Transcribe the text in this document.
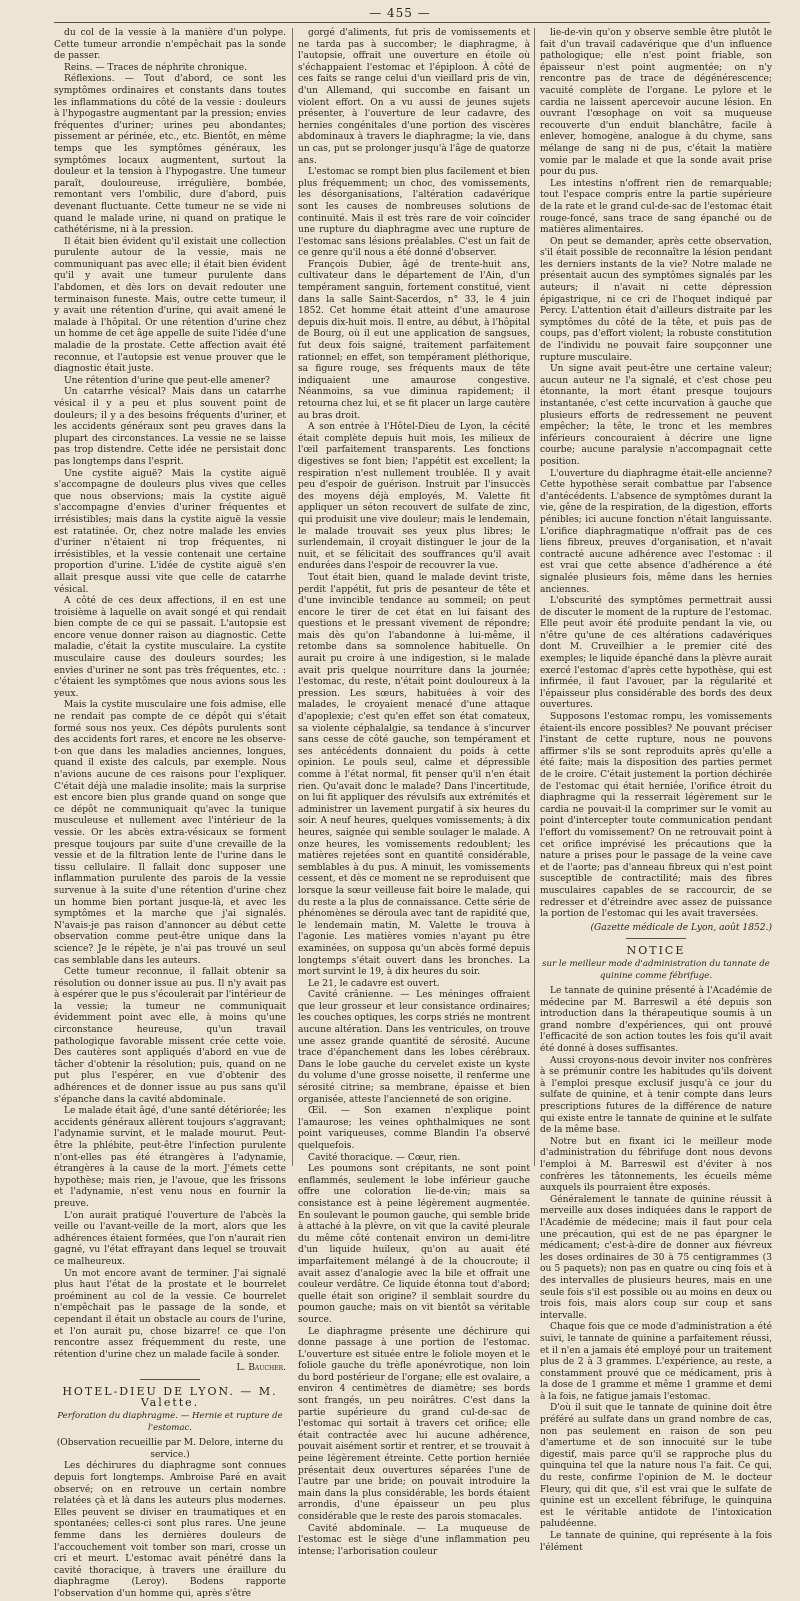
— 455 —

du col de la vessie à la manière d'un polype. Cette tumeur arrondie n'empêchait pas la sonde de passer.

Reins. — Traces de néphrite chronique.

Réflexions. — Tout d'abord, ce sont les symptômes ordinaires et constants dans toutes les inflammations du côté de la vessie : douleurs à l'hypogastre augmentant par la pression; envies fréquentes d'uriner; urines peu abondantes; pissement ar périnée, etc., etc. Bientôt, en même temps que les symptômes généraux, les symptômes locaux augmentent, surtout la douleur et la tension à l'hypogastre. Une tumeur paraît, douloureuse, irrégulière, bombée, remontant vers l'ombilic, dure d'abord, puis devenant fluctuante. Cette tumeur ne se vide ni quand le malade urine, ni quand on pratique le cathétérisme, ni à la pression.

Il était bien évident qu'il existait une collection purulente autour de la vessie, mais ne communiquant pas avec elle; il était bien évident qu'il y avait une tumeur purulente dans l'abdomen, et dès lors on devait redouter une terminaison funeste. Mais, outre cette tumeur, il y avait une rétention d'urine, qui avait amené le malade à l'hôpital. Or une rétention d'urine chez un homme de cet âge appelle de suite l'idée d'une maladie de la prostate. Cette affection avait été reconnue, et l'autopsie est venue prouver que le diagnostic était juste.

Une rétention d'urine que peut-elle amener?

Un catarrhe vésical? Mais dans un catarrhe vésical il y a peu et plus souvent point de douleurs; il y a des besoins fréquents d'uriner, et les accidents généraux sont peu graves dans la plupart des circonstances. La vessie ne se laisse pas trop distendre. Cette idée ne persistait donc pas longtemps dans l'esprit.

Une cystite aiguë? Mais la cystite aiguë s'accompagne de douleurs plus vives que celles que nous observions; mais la cystite aiguë s'accompagne d'envies d'uriner fréquentes et irrésistibles; mais dans la cystite aiguë la vessie est ratatinée. Or, chez notre malade les envies d'uriner n'étaient ni trop fréquentes, ni irrésistibles, et la vessie contenait une certaine proportion d'urine. L'idée de cystite aiguë s'en allait presque aussi vite que celle de catarrhe vésical.

A côté de ces deux affections, il en est une troisième à laquelle on avait songé et qui rendait bien compte de ce qui se passait. L'autopsie est encore venue donner raison au diagnostic. Cette maladie, c'était la cystite musculaire. La cystite musculaire cause des douleurs sourdes; les envies d'uriner ne sont pas très fréquentes, etc. : c'étaient les symptômes que nous avions sous les yeux.

Mais la cystite musculaire une fois admise, elle ne rendait pas compte de ce dépôt qui s'était formé sous nos yeux. Ces dépôts purulents sont des accidents fort rares, et encore ne les observe-t-on que dans les maladies anciennes, longues, quand il existe des calculs, par exemple. Nous n'avions aucune de ces raisons pour l'expliquer. C'était déjà une maladie insolite; mais la surprise est encore bien plus grande quand on songe que ce dépôt ne communiquait qu'avec la tunique musculeuse et nullement avec l'intérieur de la vessie. Or les abcès extra-vésicaux se forment presque toujours par suite d'une crevaille de la vessie et de la filtration lente de l'urine dans le tissu cellulaire. Il fallait donc supposer une inflammation purulente des parois de la vessie survenue à la suite d'une rétention d'urine chez un homme bien portant jusque-là, et avec les symptômes et la marche que j'ai signalés. N'avais-je pas raison d'annoncer au début cette observation comme peut-être unique dans la science? Je le répète, je n'ai pas trouvé un seul cas semblable dans les auteurs.

Cette tumeur reconnue, il fallait obtenir sa résolution ou donner issue au pus. Il n'y avait pas à espérer que le pus s'écoulerait par l'intérieur de la vessie; la tumeur ne communiquait évidemment point avec elle, à moins qu'une circonstance heureuse, qu'un travail pathologique favorable missent crée cette voie. Des cautères sont appliqués d'abord en vue de tâcher d'obtenir la résolution; puis, quand on ne put plus l'espérer, en vue d'obtenir des adhérences et de donner issue au pus sans qu'il s'épanche dans la cavité abdominale.

Le malade était âgé, d'une santé détériorée; les accidents généraux allèrent toujours s'aggravant; l'adynamie survint, et le malade mourut. Peut-être la phlébite, peut-être l'infection purulente n'ont-elles pas été étrangères à l'adynamie, étrangères à la cause de la mort. J'émets cette hypothèse; mais rien, je l'avoue, que les frissons et l'adynamie, n'est venu nous en fournir la preuve.

L'on aurait pratiqué l'ouverture de l'abcès la veille ou l'avant-veille de la mort, alors que les adhérences étaient formées, que l'on n'aurait rien gagné, vu l'état effrayant dans lequel se trouvait ce malheureux.

Un mot encore avant de terminer. J'ai signalé plus haut l'état de la prostate et le bourrelet proéminent au col de la vessie. Ce bourrelet n'empêchait pas le passage de la sonde, et cependant il était un obstacle au cours de l'urine, et l'on aurait pu, chose bizarre! ce que l'on rencontre assez fréquemment du reste, une rétention d'urine chez un malade facile à sonder.

L. Baucher.
HOTEL-DIEU DE LYON. — M. Valette.
Perforation du diaphragme. — Hernie et rupture de l'estomac.

(Observation recueillie par M. Delore, interne du service.)

Les déchirures du diaphragme sont connues depuis fort longtemps. Ambroise Paré en avait observé; on en retrouve un certain nombre relatées çà et là dans les auteurs plus modernes. Elles peuvent se diviser en traumatiques et en spontanées; celles-ci sont plus rares. Une jeune femme dans les dernières douleurs de l'accouchement voit tomber son mari, crosse un cri et meurt. L'estomac avait pénétré dans la cavité thoracique, à travers une éraillure du diaphragme (Leroy). Bodens rapporte l'observation d'un homme qui, après s'être

gorgé d'aliments, fut pris de vomissements et ne tarda pas à succomber; le diaphragme, à l'autopsie, offrait une ouverture en étoile où s'échappaient l'estomac et l'épiploon. À côté de ces faits se range celui d'un vieillard pris de vin, d'un Allemand, qui succombe en faisant un violent effort. On a vu aussi de jeunes sujets présenter, à l'ouverture de leur cadavre, des hernies congénitales d'une portion des viscères abdominaux à travers le diaphragme; la vie, dans un cas, put se prolonger jusqu'à l'âge de quatorze ans.

L'estomac se rompt bien plus facilement et bien plus fréquemment; un choc, des vomissements, les désorganisations, l'altération cadavérique sont les causes de nombreuses solutions de continuité. Mais il est très rare de voir coïncider une rupture du diaphragme avec une rupture de l'estomac sans lésions préalables. C'est un fait de ce genre qu'il nous a été donné d'observer.

François Dubier, âgé de trente-huit ans, cultivateur dans le département de l'Ain, d'un tempérament sanguin, fortement constitué, vient dans la salle Saint-Sacerdos, n° 33, le 4 juin 1852. Cet homme était atteint d'une amaurose depuis dix-huit mois. Il entre, au début, à l'hôpital de Bourg, où il eut une application de sangsues, fut deux fois saigné, traitement parfaitement rationnel; en effet, son tempérament pléthorique, sa figure rouge, ses fréquents maux de tête indiquaient une amaurose congestive. Néanmoins, sa vue diminua rapidement; il retourna chez lui, et se fit placer un large cautère au bras droit.

A son entrée à l'Hôtel-Dieu de Lyon, la cécité était complète depuis huit mois, les milieux de l'œil parfaitement transparents. Les fonctions digestives se font bien; l'appétit est excellent; la respiration n'est nullement troublée. Il y avait peu d'espoir de guérison. Instruit par l'insuccès des moyens déjà employés, M. Valette fit appliquer un séton recouvert de sulfate de zinc, qui produisit une vive douleur; mais le lendemain, le malade trouvait ses yeux plus libres; le surlendemain, il croyait distinguer le jour de la nuit, et se félicitait des souffrances qu'il avait endurées dans l'espoir de recouvrer la vue.

Tout était bien, quand le malade devint triste, perdit l'appétit, fut pris de pesanteur de tête et d'une invincible tendance au sommeil; on peut encore le tirer de cet état en lui faisant des questions et le pressant vivement de répondre; mais dès qu'on l'abandonne à lui-même, il retombe dans sa somnolence habituelle. On aurait pu croire à une indigestion, si le malade avait pris quelque nourriture dans la journée; l'estomac, du reste, n'était point douloureux à la pression. Les sœurs, habituées à voir des malades, le croyaient menacé d'une attaque d'apoplexie; c'est qu'en effet son état comateux, sa violente céphalalgie, sa tendance à s'incurver sans cesse de côté gauche, son tempérament et ses antécédents donnaient du poids à cette opinion. Le pouls seul, calme et dépressible comme à l'état normal, fit penser qu'il n'en était rien. Qu'avait donc le malade? Dans l'incertitude, on lui fit appliquer des révulsifs aux extrémités et administrer un lavement purgatif à six heures du soir. A neuf heures, quelques vomissements; à dix heures, saignée qui semble soulager le malade. A onze heures, les vomissements redoublent; les matières rejetées sont en quantité considérable, semblables à du pus. A minuit, les vomissements cessent, et dès ce moment ne se reproduisent que lorsque la sœur veilleuse fait boire le malade, qui du reste a la plus de connaissance. Cette série de phénomènes se déroula avec tant de rapidité que, le lendemain matin, M. Valette le trouva à l'agonie. Les matières vomies n'ayant pu être examinées, on supposa qu'un abcès formé depuis longtemps s'était ouvert dans les bronches. La mort survint le 19, à dix heures du soir.

Le 21, le cadavre est ouvert.

Cavité crânienne. — Les méninges offraient que leur grosseur et leur consistance ordinaires; les couches optiques, les corps striés ne montrent aucune altération. Dans les ventricules, on trouve une assez grande quantité de sérosité. Aucune trace d'épanchement dans les lobes cérébraux. Dans le lobe gauche du cervelet existe un kyste du volume d'une grosse noisette, il renferme une sérosité citrine; sa membrane, épaisse et bien organisée, atteste l'ancienneté de son origine.

Œil. — Son examen n'explique point l'amaurose; les veines ophthalmiques ne sont point variqueuses, comme Blandin l'a observé quelquefois.

Cavité thoracique. — Cœur, rien.

Les poumons sont crépitants, ne sont point enflammés, seulement le lobe inférieur gauche offre une coloration lie-de-vin; mais sa consistance est à peine légèrement augmentée. En soulevant le poumon gauche, qui semble bride à attaché à la plèvre, on vit que la cavité pleurale du même côté contenait environ un demi-litre d'un liquide huileux, qu'on au auait été imparfaitement mélangé à de la choucroute; il avait assez d'analogie avec la bile et offrait une couleur verdâtre. Ce liquide étonna tout d'abord; quelle était son origine? il semblait sourdre du poumon gauche; mais on vit bientôt sa véritable source.

Le diaphragme présente une déchirure qui donne passage à une portion de l'estomac. L'ouverture est située entre le foliole moyen et le foliole gauche du trèfle aponévrotique, non loin du bord postérieur de l'organe; elle est ovalaire, a environ 4 centimètres de diamètre; ses bords sont frangés, un peu noirâtres. C'est dans la partie supérieure du grand cul-de-sac de l'estomac qui sortait à travers cet orifice; elle était contractée avec lui aucune adhérence, pouvait aisément sortir et rentrer, et se trouvait à peine légèrement étreinte. Cette portion herniée présentait deux ouvertures séparées l'une de l'autre par une bride; on pouvait introduire la main dans la plus considérable, les bords étaient arrondis, d'une épaisseur un peu plus considérable que le reste des parois stomacales.

Cavité abdominale. — La muqueuse de l'estomac est le siège d'une inflammation peu intense; l'arborisation couleur

lie-de-vin qu'on y observe semble être plutôt le fait d'un travail cadavérique que d'un influence pathologique; elle n'est point friable, son épaisseur n'est point augmentée; on n'y rencontre pas de trace de dégénérescence; vacuité complète de l'organe. Le pylore et le cardia ne laissent apercevoir aucune lésion. En ouvrant l'œsophage on voit sa muqueuse recouverte d'un enduit blanchâtre, facile à enlever, homogène, analogue à du chyme, sans mélange de sang ni de pus, c'était la matière vomie par le malade et que la sonde avait prise pour du pus.

Les intestins n'offrent rien de remarquable; tout l'espace compris entre la partie supérieure de la rate et le grand cul-de-sac de l'estomac était rouge-foncé, sans trace de sang épanché ou de matières alimentaires.

On peut se demander, après cette observation, s'il était possible de reconnaître la lésion pendant les derniers instants de la vie? Notre malade ne présentait aucun des symptômes signalés par les auteurs; il n'avait ni cette dépression épigastrique, ni ce cri de l'hoquet indiqué par Percy. L'attention était d'ailleurs distraite par les symptômes du côté de la tête, et puis pas de coups, pas d'effort violent; la robuste constitution de l'individu ne pouvait faire soupçonner une rupture musculaire.

Un signe avait peut-être une certaine valeur; aucun auteur ne l'a signalé, et c'est chose peu étonnante, la mort étant presque toujours instantanée, c'est cette incurvation à gauche que plusieurs efforts de redressement ne peuvent empêcher; la tête, le tronc et les membres inférieurs concouraient à décrire une ligne courbe; aucune paralysie n'accompagnait cette position.

L'ouverture du diaphragme était-elle ancienne? Cette hypothèse serait combattue par l'absence d'antécédents. L'absence de symptômes durant la vie, gêne de la respiration, de la digestion, efforts pénibles; ici aucune fonction n'était languissante. L'orifice diaphragmatique n'offrait pas de ces liens fibreux, preuves d'organisation, et n'avait contracté aucune adhérence avec l'estomac : il est vrai que cette absence d'adhérence a été signalée plusieurs fois, même dans les hernies anciennes.

L'obscurité des symptômes permettrait aussi de discuter le moment de la rupture de l'estomac. Elle peut avoir été produite pendant la vie, ou n'être qu'une de ces altérations cadavériques dont M. Cruveilhier a le premier cité des exemples; le liquide épanché dans la plèvre aurait exercé l'estomac d'après cette hypothèse, qui est infirmée, il faut l'avouer, par la régularité et l'épaisseur plus considérable des bords des deux ouvertures.

Supposons l'estomac rompu, les vomissements étaient-ils encore possibles? Ne pouvant préciser l'instant de cette rupture, nous ne pouvons affirmer s'ils se sont reproduits après qu'elle a été faite; mais la disposition des parties permet de le croire. C'était justement la portion déchirée de l'estomac qui était herniée, l'orifice étroit du diaphragme qui la resserrait légèrement sur le cardia ne pouvait-il la comprimer sur le vomit au point d'intercepter toute communication pendant l'effort du vomissement? On ne retrouvait point à cet orifice imprévisé les précautions que la nature a prises pour le passage de la veine cave et de l'aorte; pas d'anneau fibreux qui n'est point susceptible de contractilité; mais des fibres musculaires capables de se raccourcir, de se redresser et d'étreindre avec assez de puissance la portion de l'estomac qui les avait traversées.

(Gazette médicale de Lyon, août 1852.)
NOTICE
sur le meilleur mode d'administration du tannate de quinine comme fébrifuge.

Le tannate de quinine présenté à l'Académie de médecine par M. Barreswil a été depuis son introduction dans la thérapeutique soumis à un grand nombre d'expériences, qui ont prouvé l'efficacité de son action toutes les fois qu'il avait été donné à doses suffisantes.

Aussi croyons-nous devoir inviter nos confrères à se prémunir contre les habitudes qu'ils doivent à l'emploi presque exclusif jusqu'à ce jour du sulfate de quinine, et à tenir compte dans leurs prescriptions futures de la différence de nature qui existe entre le tannate de quinine et le sulfate de la même base.

Notre but en fixant ici le meilleur mode d'administration du fébrifuge dont nous devons l'emploi à M. Barreswil est d'éviter à nos confrères les tâtonnements, les écueils même auxquels ils pourraient être exposés.

Généralement le tannate de quinine réussit à merveille aux doses indiquées dans le rapport de l'Académie de médecine; mais il faut pour cela une précaution, qui est de ne pas épargner le médicament; c'est-à-dire de donner aux fiévreux les doses ordinaires de 30 à 75 centigrammes (3 ou 5 paquets); non pas en quatre ou cinq fois et à des intervalles de plusieurs heures, mais en une seule fois s'il est possible ou au moins en deux ou trois fois, mais alors coup sur coup et sans intervalle.

Chaque fois que ce mode d'administration a été suivi, le tannate de quinine a parfaitement réussi, et il n'en a jamais été employé pour un traitement plus de 2 à 3 grammes. L'expérience, au reste, a constamment prouvé que ce médicament, pris à la dose de 1 gramme et même 1 gramme et demi à la fois, ne fatigue jamais l'estomac.

D'où il suit que le tannate de quinine doit être préféré au sulfate dans un grand nombre de cas, non pas seulement en raison de son peu d'amertume et de son innocuité sur le tube digestif, mais parce qu'il se rapproche plus du quinquina tel que la nature nous l'a fait. Ce qui, du reste, confirme l'opinion de M. le docteur Fleury, qui dit que, s'il est vrai que le sulfate de quinine est un excellent fébrifuge, le quinquina est le véritable antidote de l'intoxication paludéenne.

Le tannate de quinine, qui représente à la fois l'élément
